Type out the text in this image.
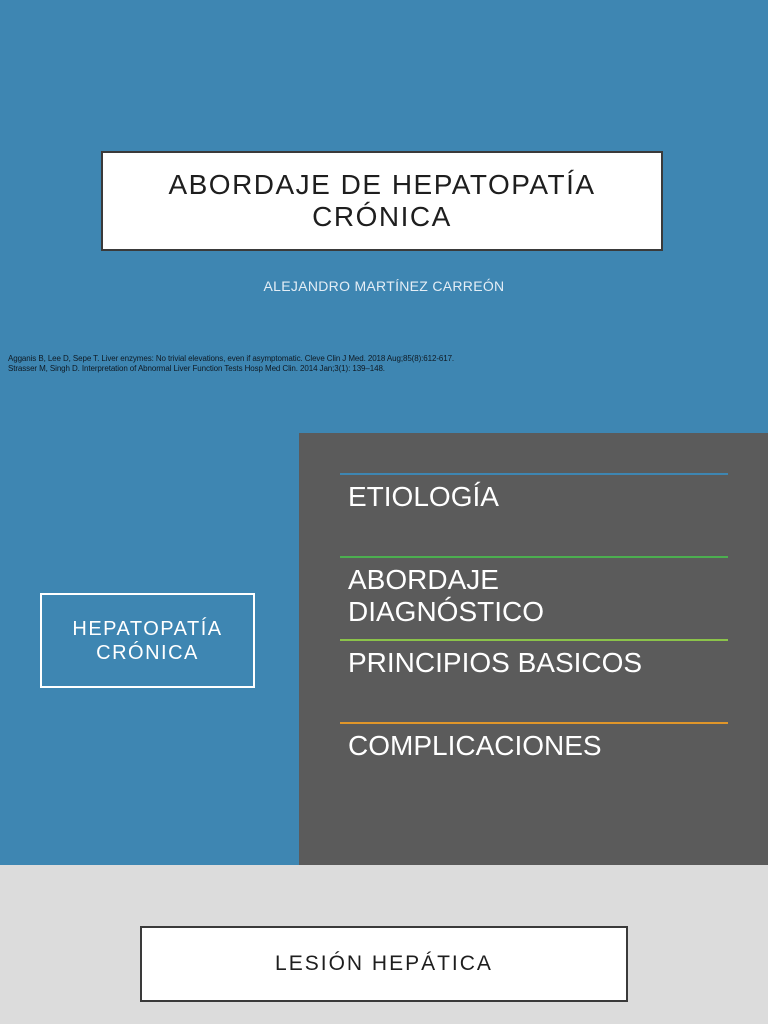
ABORDAJE DE HEPATOPATÍA
CRÓNICA
ALEJANDRO MARTÍNEZ CARREÓN
Agganis B, Lee D, Sepe T. Liver enzymes: No trivial elevations, even if asymptomatic. Cleve Clin J Med. 2018 Aug;85(8):612-617.
Strasser M, Singh D. Interpretation of Abnormal Liver Function Tests Hosp Med Clin. 2014 Jan;3(1): 139–148.
HEPATOPATÍA
CRÓNICA
ETIOLOGÍA
ABORDAJE
DIAGNÓSTICO
PRINCIPIOS BASICOS
COMPLICACIONES
LESIÓN HEPÁTICA
